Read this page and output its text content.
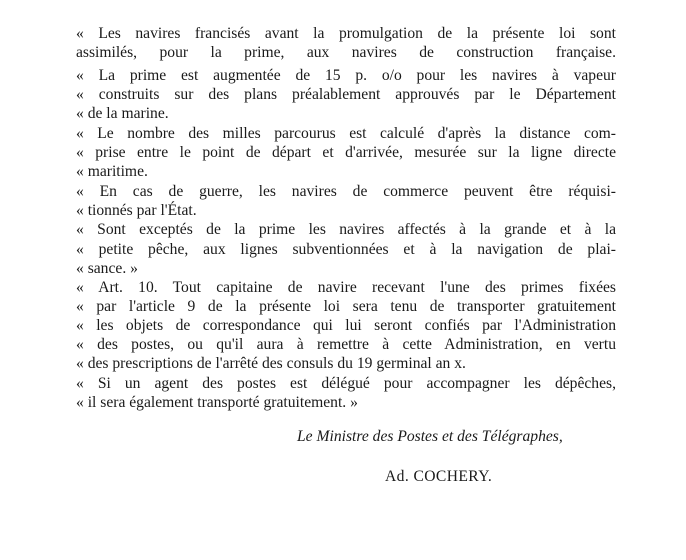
« Les navires francisés avant la promulgation de la présente loi sont
assimilés, pour la prime, aux navires de construction française.
« La prime est augmentée de 15 p. o/o pour les navires à vapeur
« construits sur des plans préalablement approuvés par le Département
« de la marine.
« Le nombre des milles parcourus est calculé d'après la distance com-
« prise entre le point de départ et d'arrivée, mesurée sur la ligne directe
« maritime.
« En cas de guerre, les navires de commerce peuvent être réquisi-
« tionnés par l'État.
« Sont exceptés de la prime les navires affectés à la grande et à la
« petite pêche, aux lignes subventionnées et à la navigation de plai-
« sance. »
« Art. 10. Tout capitaine de navire recevant l'une des primes fixées
« par l'article 9 de la présente loi sera tenu de transporter gratuitement
« les objets de correspondance qui lui seront confiés par l'Administration
« des postes, ou qu'il aura à remettre à cette Administration, en vertu
« des prescriptions de l'arrêté des consuls du 19 germinal an x.
« Si un agent des postes est délégué pour accompagner les dépêches,
« il sera également transporté gratuitement. »
Le Ministre des Postes et des Télégraphes,
Ad. COCHERY.
